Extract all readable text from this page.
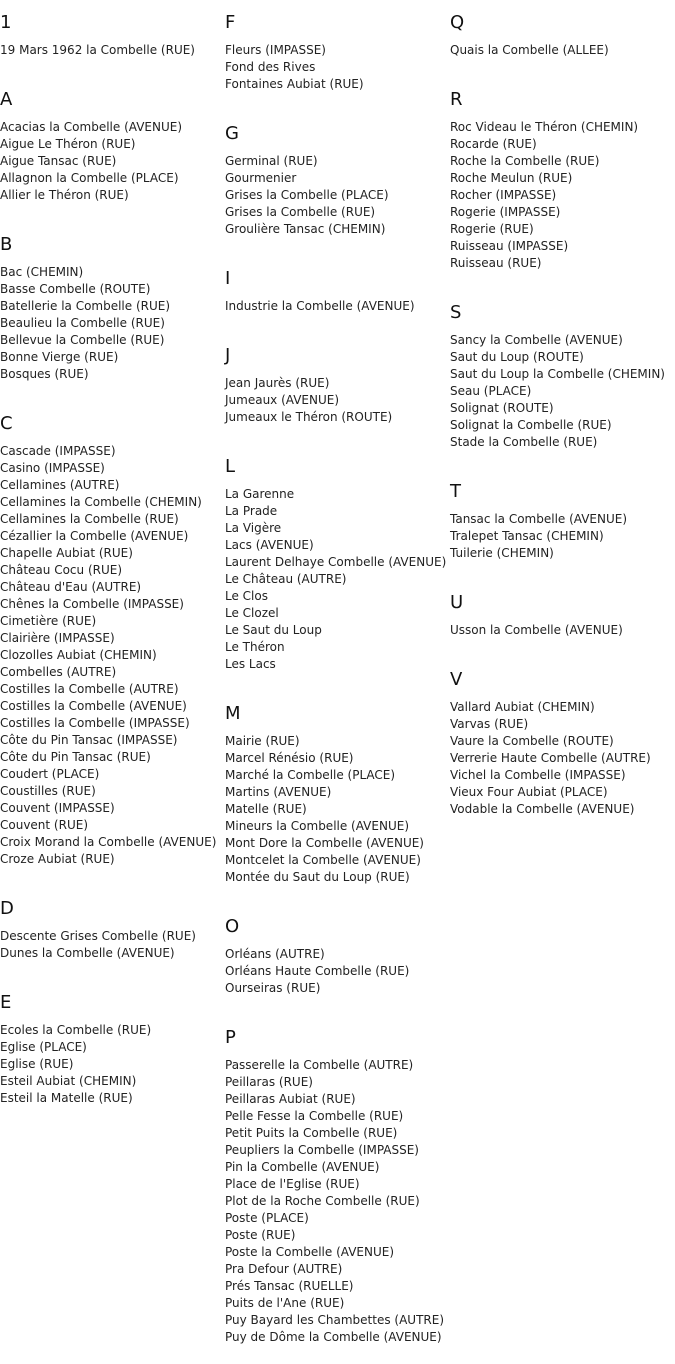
1
19 Mars 1962 la Combelle (RUE)
A
Acacias la Combelle (AVENUE)
Aigue Le Théron (RUE)
Aigue Tansac (RUE)
Allagnon la Combelle (PLACE)
Allier le Théron (RUE)
B
Bac (CHEMIN)
Basse Combelle (ROUTE)
Batellerie la Combelle (RUE)
Beaulieu la Combelle (RUE)
Bellevue la Combelle (RUE)
Bonne Vierge (RUE)
Bosques (RUE)
C
Cascade (IMPASSE)
Casino (IMPASSE)
Cellamines (AUTRE)
Cellamines la Combelle (CHEMIN)
Cellamines la Combelle (RUE)
Cézallier la Combelle (AVENUE)
Chapelle Aubiat (RUE)
Château Cocu (RUE)
Château d'Eau (AUTRE)
Chênes la Combelle (IMPASSE)
Cimetière (RUE)
Clairière (IMPASSE)
Clozolles Aubiat (CHEMIN)
Combelles (AUTRE)
Costilles la Combelle (AUTRE)
Costilles la Combelle (AVENUE)
Costilles la Combelle (IMPASSE)
Côte du Pin Tansac (IMPASSE)
Côte du Pin Tansac (RUE)
Coudert (PLACE)
Coustilles (RUE)
Couvent (IMPASSE)
Couvent (RUE)
Croix Morand la Combelle (AVENUE)
Croze Aubiat (RUE)
D
Descente Grises Combelle (RUE)
Dunes la Combelle (AVENUE)
E
Ecoles la Combelle (RUE)
Eglise (PLACE)
Eglise (RUE)
Esteil Aubiat (CHEMIN)
Esteil la Matelle (RUE)
F
Fleurs (IMPASSE)
Fond des Rives
Fontaines Aubiat (RUE)
G
Germinal (RUE)
Gourmenier
Grises la Combelle (PLACE)
Grises la Combelle (RUE)
Groulière Tansac (CHEMIN)
I
Industrie la Combelle (AVENUE)
J
Jean Jaurès (RUE)
Jumeaux (AVENUE)
Jumeaux le Théron (ROUTE)
L
La Garenne
La Prade
La Vigère
Lacs (AVENUE)
Laurent Delhaye Combelle (AVENUE)
Le Château (AUTRE)
Le Clos
Le Clozel
Le Saut du Loup
Le Théron
Les Lacs
M
Mairie (RUE)
Marcel Rénésio (RUE)
Marché la Combelle (PLACE)
Martins (AVENUE)
Matelle (RUE)
Mineurs la Combelle (AVENUE)
Mont Dore la Combelle (AVENUE)
Montcelet la Combelle (AVENUE)
Montée du Saut du Loup (RUE)
O
Orléans (AUTRE)
Orléans Haute Combelle (RUE)
Ourseiras (RUE)
P
Passerelle la Combelle (AUTRE)
Peillaras (RUE)
Peillaras Aubiat (RUE)
Pelle Fesse la Combelle (RUE)
Petit Puits la Combelle (RUE)
Peupliers la Combelle (IMPASSE)
Pin la Combelle (AVENUE)
Place de l'Eglise (RUE)
Plot de la Roche Combelle (RUE)
Poste (PLACE)
Poste (RUE)
Poste la Combelle (AVENUE)
Pra Defour (AUTRE)
Prés Tansac (RUELLE)
Puits de l'Ane (RUE)
Puy Bayard les Chambettes (AUTRE)
Puy de Dôme la Combelle (AVENUE)
Q
Quais la Combelle (ALLEE)
R
Roc Videau le Théron (CHEMIN)
Rocarde (RUE)
Roche la Combelle (RUE)
Roche Meulun (RUE)
Rocher (IMPASSE)
Rogerie (IMPASSE)
Rogerie (RUE)
Ruisseau (IMPASSE)
Ruisseau (RUE)
S
Sancy la Combelle (AVENUE)
Saut du Loup (ROUTE)
Saut du Loup la Combelle (CHEMIN)
Seau (PLACE)
Solignat (ROUTE)
Solignat la Combelle (RUE)
Stade la Combelle (RUE)
T
Tansac la Combelle (AVENUE)
Tralepet Tansac (CHEMIN)
Tuilerie (CHEMIN)
U
Usson la Combelle (AVENUE)
V
Vallard Aubiat (CHEMIN)
Varvas (RUE)
Vaure la Combelle (ROUTE)
Verrerie Haute Combelle (AUTRE)
Vichel la Combelle (IMPASSE)
Vieux Four Aubiat (PLACE)
Vodable la Combelle (AVENUE)
